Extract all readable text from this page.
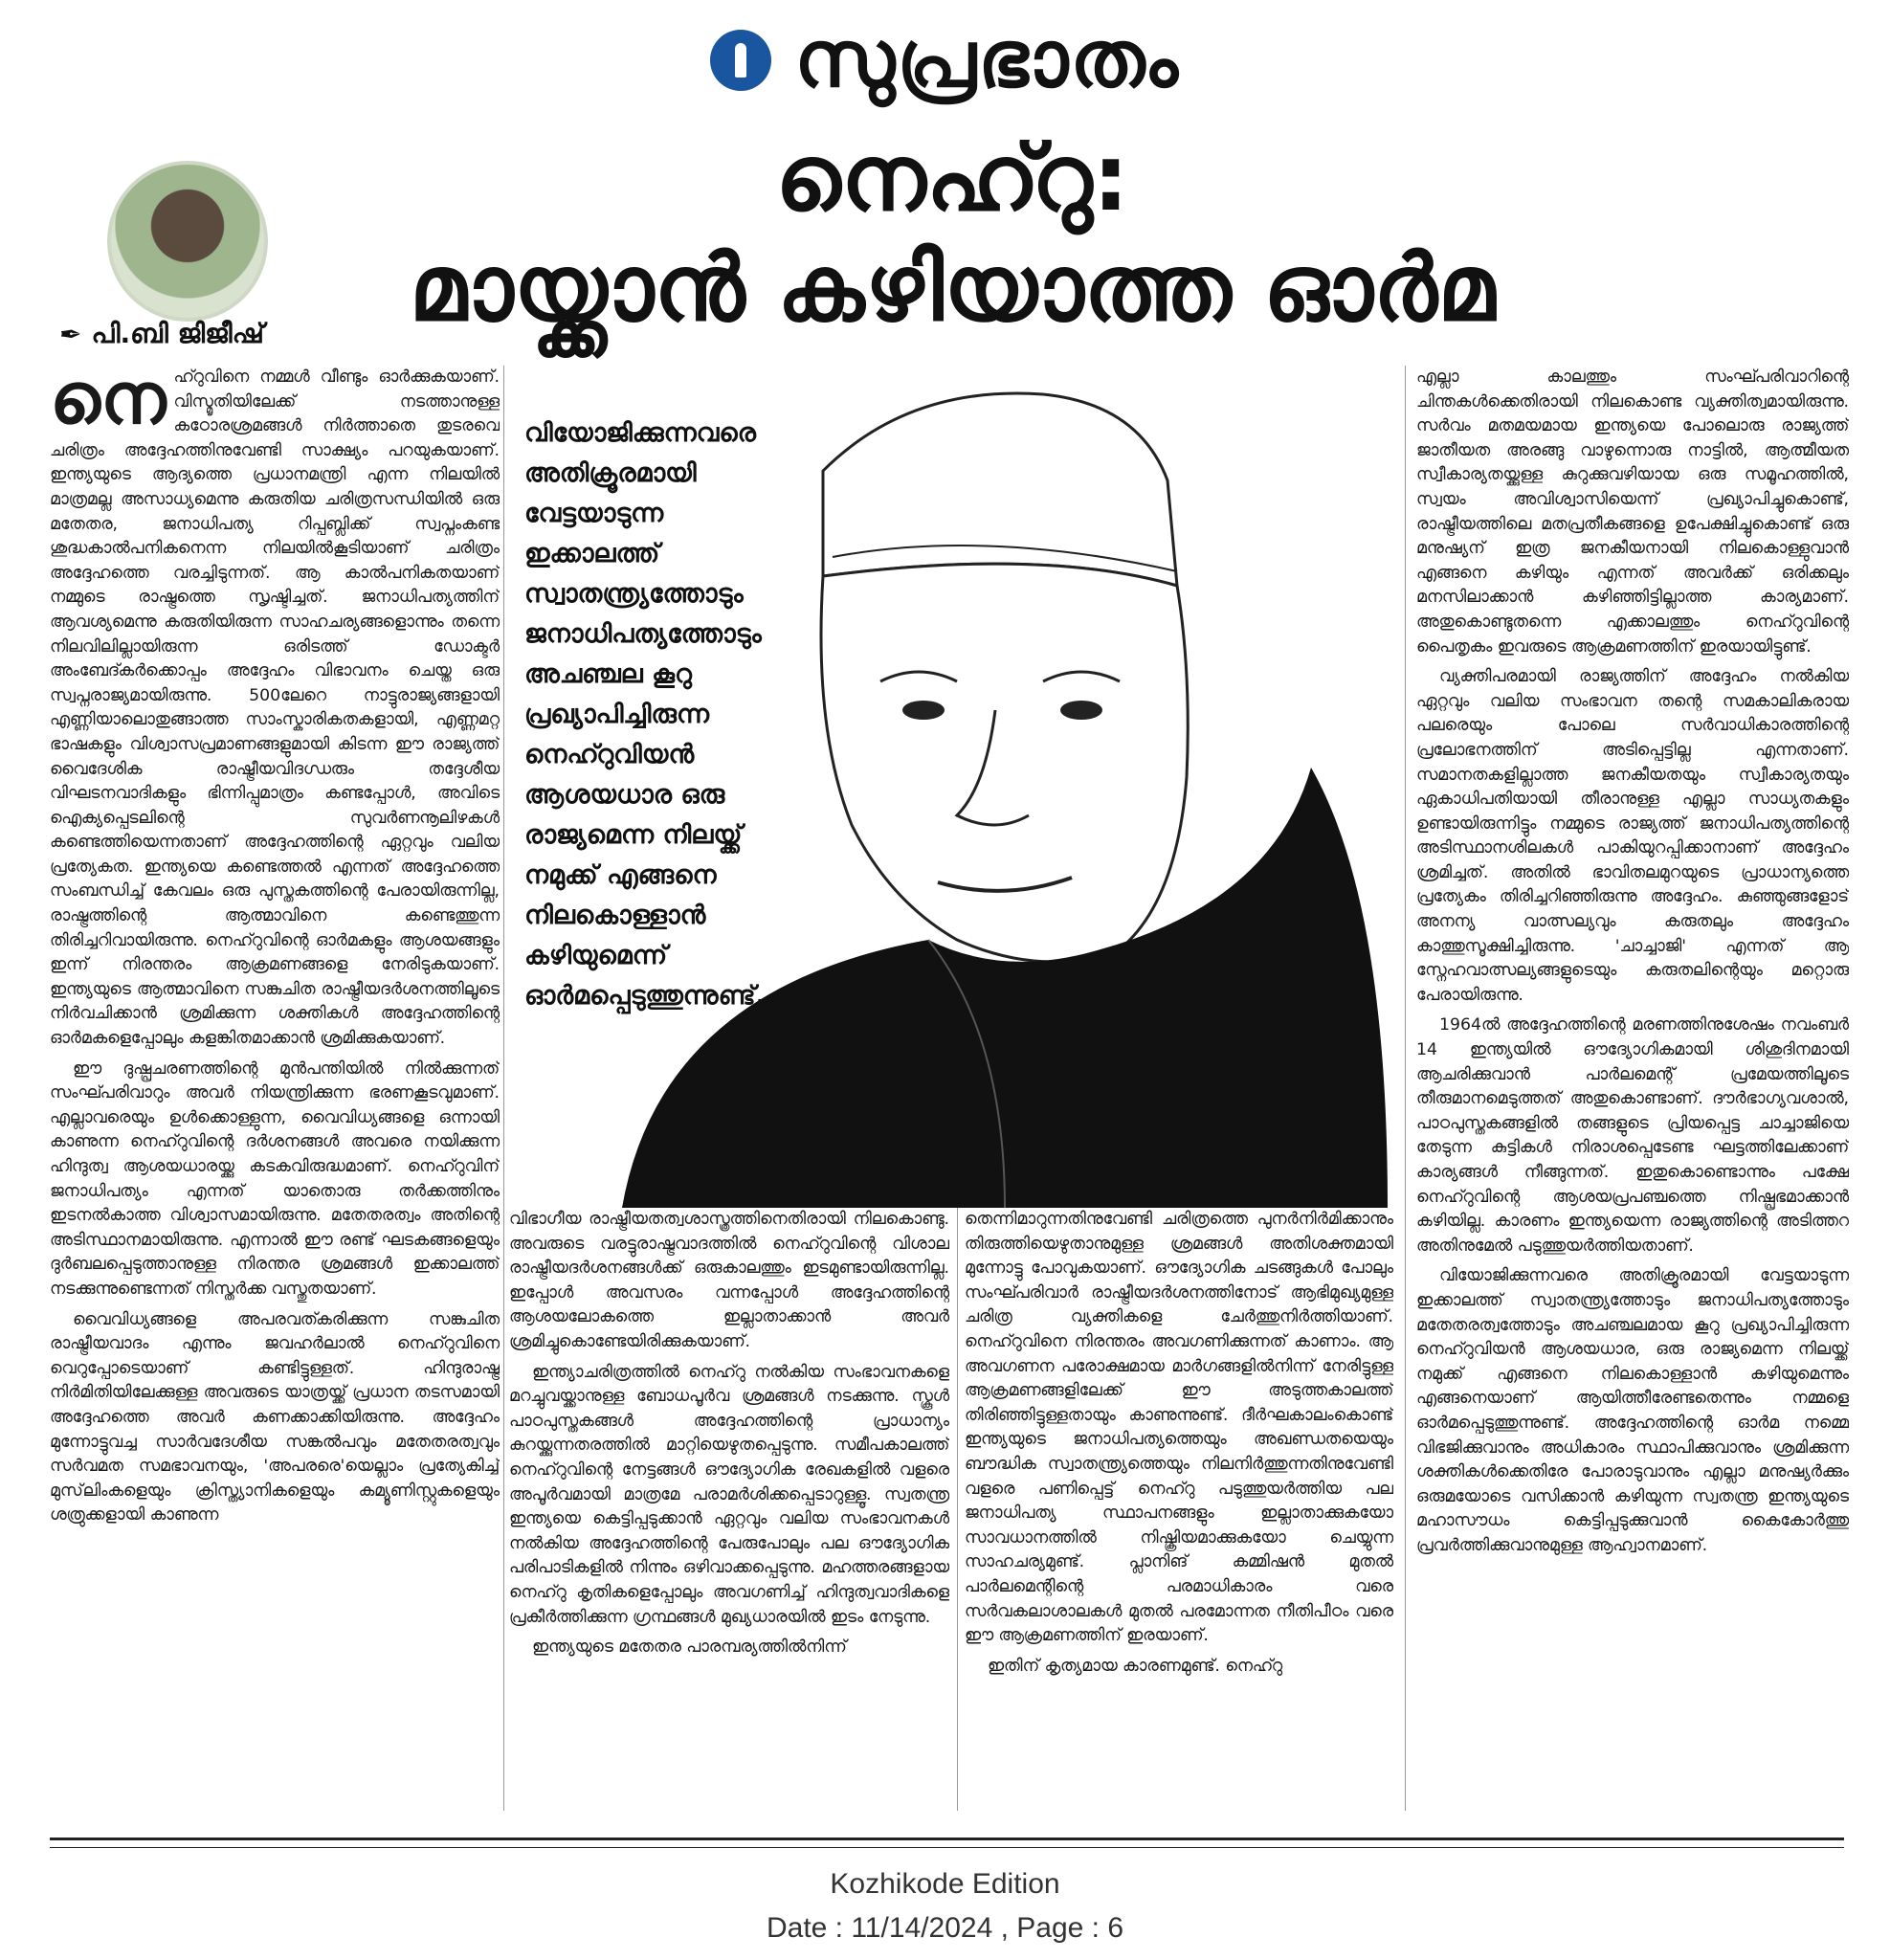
സുപ്രഭാതം
നെഹ്റു:
മായ്ക്കാൻ കഴിയാത്ത ഓർമ
✒ പി.ബി ജിജീഷ്
വിയോജിക്കുന്നവരെ അതിക്രൂരമായി വേട്ടയാടുന്ന ഇക്കാലത്ത് സ്വാതന്ത്ര്യത്തോടും ജനാധിപത്യത്തോടും അചഞ്ചല കൂറു പ്രഖ്യാപിച്ചിരുന്ന നെഹ്റുവിയൻ ആശയധാര ഒരു രാജ്യമെന്ന നിലയ്ക്ക് നമുക്ക് എങ്ങനെ നിലകൊള്ളാൻ കഴിയുമെന്ന് ഓർമപ്പെടുത്തുന്നുണ്ട്.
ശ്രീജാം

നെഹ്റുവിനെ നമ്മൾ വീണ്ടും ഓർക്കുകയാണ്. വിസ്മൃതിയിലേക്ക് നടത്താനുള്ള കഠോരശ്രമങ്ങൾ നിർത്താതെ തുടരവെ ചരിത്രം അദ്ദേഹത്തിനുവേണ്ടി സാക്ഷ്യം പറയുകയാണ്. ഇന്ത്യയുടെ ആദ്യത്തെ പ്രധാനമന്ത്രി എന്ന നിലയിൽ മാത്രമല്ല അസാധ്യമെന്നു കരുതിയ ചരിത്രസന്ധിയിൽ ഒരു മതേതര, ജനാധിപത്യ റിപ്പബ്ലിക്ക് സ്വപ്നംകണ്ട ശുദ്ധകാൽപനികനെന്ന നിലയിൽകൂടിയാണ് ചരിത്രം അദ്ദേഹത്തെ വരച്ചിടുന്നത്. ആ കാൽപനികതയാണ് നമ്മുടെ രാഷ്ട്രത്തെ സൃഷ്ടിച്ചത്. ജനാധിപത്യത്തിന് ആവശ്യമെന്നു കരുതിയിരുന്ന സാഹചര്യങ്ങളൊന്നും തന്നെ നിലവിലില്ലായിരുന്ന ഒരിടത്ത് ഡോക്ടർ അംബേദ്കർക്കൊപ്പം അദ്ദേഹം വിഭാവനം ചെയ്ത ഒരു സ്വപ്നരാജ്യമായിരുന്നു. 500ലേറെ നാട്ടുരാജ്യങ്ങളായി എണ്ണിയാലൊതുങ്ങാത്ത സാംസ്കാരികതകളായി, എണ്ണമറ്റ ഭാഷകളും വിശ്വാസപ്രമാണങ്ങളുമായി കിടന്ന ഈ രാജ്യത്ത് വൈദേശിക രാഷ്ട്രീയവിദഗ്ധരും തദ്ദേശീയ വിഘടനവാദികളും ഭിന്നിപ്പുമാത്രം കണ്ടപ്പോൾ, അവിടെ ഐക്യപ്പെടലിന്റെ സുവർണനൂലിഴകൾ കണ്ടെത്തിയെന്നതാണ് അദ്ദേഹത്തിന്റെ ഏറ്റവും വലിയ പ്രത്യേകത. ഇന്ത്യയെ കണ്ടെത്തൽ എന്നത് അദ്ദേഹത്തെ സംബന്ധിച്ച് കേവലം ഒരു പുസ്തകത്തിന്റെ പേരായിരുന്നില്ല, രാഷ്ട്രത്തിന്റെ ആത്മാവിനെ കണ്ടെത്തുന്ന തിരിച്ചറിവായിരുന്നു. നെഹ്റുവിന്റെ ഓർമകളും ആശയങ്ങളും ഇന്ന് നിരന്തരം ആക്രമണങ്ങളെ നേരിടുകയാണ്. ഇന്ത്യയുടെ ആത്മാവിനെ സങ്കുചിത രാഷ്ട്രീയദർശനത്തിലൂടെ നിർവചിക്കാൻ ശ്രമിക്കുന്ന ശക്തികൾ അദ്ദേഹത്തിന്റെ ഓർമകളെപ്പോലും കളങ്കിതമാക്കാൻ ശ്രമിക്കുകയാണ്.

ഈ ദുഷ്പ്രചരണത്തിന്റെ മുൻപന്തിയിൽ നിൽക്കുന്നത് സംഘ്പരിവാറും അവർ നിയന്ത്രിക്കുന്ന ഭരണകൂടവുമാണ്. എല്ലാവരെയും ഉൾക്കൊള്ളുന്ന, വൈവിധ്യങ്ങളെ ഒന്നായി കാണുന്ന നെഹ്റുവിന്റെ ദർശനങ്ങൾ അവരെ നയിക്കുന്ന ഹിന്ദുത്വ ആശയധാരയ്ക്കു കടകവിരുദ്ധമാണ്. നെഹ്റുവിന് ജനാധിപത്യം എന്നത് യാതൊരു തർക്കത്തിനും ഇടനൽകാത്ത വിശ്വാസമായിരുന്നു. മതേതരത്വം അതിന്റെ അടിസ്ഥാനമായിരുന്നു. എന്നാൽ ഈ രണ്ട് ഘടകങ്ങളെയും ദുർബലപ്പെടുത്താനുള്ള നിരന്തര ശ്രമങ്ങൾ ഇക്കാലത്ത് നടക്കുന്നുണ്ടെന്നത് നിസ്തർക്ക വസ്തുതയാണ്.

വൈവിധ്യങ്ങളെ അപരവത്കരിക്കുന്ന സങ്കുചിത രാഷ്ട്രീയവാദം എന്നും ജവഹർലാൽ നെഹ്റുവിനെ വെറുപ്പോടെയാണ് കണ്ടിട്ടുള്ളത്. ഹിന്ദുരാഷ്ട്ര നിർമിതിയിലേക്കുള്ള അവരുടെ യാത്രയ്ക്ക് പ്രധാന തടസമായി അദ്ദേഹത്തെ അവർ കണക്കാക്കിയിരുന്നു. അദ്ദേഹം മുന്നോട്ടുവച്ച സാർവദേശീയ സങ്കൽപവും മതേതരത്വവും സർവമത സമഭാവനയും, 'അപരരെ'യെല്ലാം പ്രത്യേകിച്ച് മുസ്‌ലിംകളെയും ക്രിസ്ത്യാനികളെയും കമ്യൂണിസ്റ്റുകളെയും ശത്രുക്കളായി കാണുന്ന

വിഭാഗീയ രാഷ്ട്രീയതത്വശാസ്ത്രത്തിനെതിരായി നിലകൊണ്ടു. അവരുടെ വരട്ടുരാഷ്ട്രവാദത്തിൽ നെഹ്റുവിന്റെ വിശാല രാഷ്ട്രീയദർശനങ്ങൾക്ക് ഒരുകാലത്തും ഇടമുണ്ടായിരുന്നില്ല. ഇപ്പോൾ അവസരം വന്നപ്പോൾ അദ്ദേഹത്തിന്റെ ആശയലോകത്തെ ഇല്ലാതാക്കാൻ അവർ ശ്രമിച്ചുകൊണ്ടേയിരിക്കുകയാണ്.

ഇന്ത്യാചരിത്രത്തിൽ നെഹ്റു നൽകിയ സംഭാവനകളെ മറച്ചുവയ്ക്കാനുള്ള ബോധപൂർവ ശ്രമങ്ങൾ നടക്കുന്നു. സ്കൂൾ പാഠപുസ്തകങ്ങൾ അദ്ദേഹത്തിന്റെ പ്രാധാന്യം കുറയ്ക്കുന്നതരത്തിൽ മാറ്റിയെഴുതപ്പെടുന്നു. സമീപകാലത്ത് നെഹ്റുവിന്റെ നേട്ടങ്ങൾ ഔദ്യോഗിക രേഖകളിൽ വളരെ അപൂർവമായി മാത്രമേ പരാമർശിക്കപ്പെടാറുള്ളൂ. സ്വതന്ത്ര ഇന്ത്യയെ കെട്ടിപ്പടുക്കാൻ ഏറ്റവും വലിയ സംഭാവനകൾ നൽകിയ അദ്ദേഹത്തിന്റെ പേരുപോലും പല ഔദ്യോഗിക പരിപാടികളിൽ നിന്നും ഒഴിവാക്കപ്പെടുന്നു. മഹത്തരങ്ങളായ നെഹ്റു കൃതികളെപ്പോലും അവഗണിച്ച് ഹിന്ദുത്വവാദികളെ പ്രകീർത്തിക്കുന്ന ഗ്രന്ഥങ്ങൾ മുഖ്യധാരയിൽ ഇടം നേടുന്നു.

ഇന്ത്യയുടെ മതേതര പാരമ്പര്യത്തിൽനിന്ന്

തെന്നിമാറുന്നതിനുവേണ്ടി ചരിത്രത്തെ പുനർനിർമിക്കാനും തിരുത്തിയെഴുതാനുമുള്ള ശ്രമങ്ങൾ അതിശക്തമായി മുന്നോട്ടു പോവുകയാണ്. ഔദ്യോഗിക ചടങ്ങുകൾ പോലും സംഘ്പരിവാർ രാഷ്ട്രീയദർശനത്തിനോട് ആഭിമുഖ്യമുള്ള ചരിത്ര വ്യക്തികളെ ചേർത്തുനിർത്തിയാണ്. നെഹ്റുവിനെ നിരന്തരം അവഗണിക്കുന്നത് കാണാം. ആ അവഗണന പരോക്ഷമായ മാർഗങ്ങളിൽനിന്ന് നേരിട്ടുള്ള ആക്രമണങ്ങളിലേക്ക് ഈ അടുത്തകാലത്ത് തിരിഞ്ഞിട്ടുള്ളതായും കാണുന്നുണ്ട്. ദീർഘകാലംകൊണ്ട് ഇന്ത്യയുടെ ജനാധിപത്യത്തെയും അഖണ്ഡതയെയും ബൗദ്ധിക സ്വാതന്ത്ര്യത്തെയും നിലനിർത്തുന്നതിനുവേണ്ടി വളരെ പണിപ്പെട്ട് നെഹ്റു പടുത്തുയർത്തിയ പല ജനാധിപത്യ സ്ഥാപനങ്ങളും ഇല്ലാതാക്കുകയോ സാവധാനത്തിൽ നിഷ്ക്രിയമാക്കുകയോ ചെയ്യുന്ന സാഹചര്യമുണ്ട്. പ്ലാനിങ് കമ്മിഷൻ മുതൽ പാർലമെന്റിന്റെ പരമാധികാരം വരെ സർവകലാശാലകൾ മുതൽ പരമോന്നത നീതിപീഠം വരെ ഈ ആക്രമണത്തിന് ഇരയാണ്.

ഇതിന് കൃത്യമായ കാരണമുണ്ട്. നെഹ്റു

എല്ലാ കാലത്തും സംഘ്പരിവാറിന്റെ ചിന്തകൾക്കെതിരായി നിലകൊണ്ട വ്യക്തിത്വമായിരുന്നു. സർവം മതമയമായ ഇന്ത്യയെ പോലൊരു രാജ്യത്ത് ജാതീയത അരങ്ങു വാഴുന്നൊരു നാട്ടിൽ, ആത്മീയത സ്വീകാര്യതയ്ക്കുള്ള കുറുക്കുവഴിയായ ഒരു സമൂഹത്തിൽ, സ്വയം അവിശ്വാസിയെന്ന് പ്രഖ്യാപിച്ചുകൊണ്ട്, രാഷ്ട്രീയത്തിലെ മതപ്രതീകങ്ങളെ ഉപേക്ഷിച്ചുകൊണ്ട് ഒരു മനുഷ്യന് ഇത്ര ജനകീയനായി നിലകൊള്ളുവാൻ എങ്ങനെ കഴിയും എന്നത് അവർക്ക് ഒരിക്കലും മനസിലാക്കാൻ കഴിഞ്ഞിട്ടില്ലാത്ത കാര്യമാണ്. അതുകൊണ്ടുതന്നെ എക്കാലത്തും നെഹ്റുവിന്റെ പൈതൃകം ഇവരുടെ ആക്രമണത്തിന് ഇരയായിട്ടുണ്ട്.

വ്യക്തിപരമായി രാജ്യത്തിന് അദ്ദേഹം നൽകിയ ഏറ്റവും വലിയ സംഭാവന തന്റെ സമകാലികരായ പലരെയും പോലെ സർവാധികാരത്തിന്റെ പ്രലോഭനത്തിന് അടിപ്പെട്ടില്ല എന്നതാണ്. സമാനതകളില്ലാത്ത ജനകീയതയും സ്വീകാര്യതയും ഏകാധിപതിയായി തീരാനുള്ള എല്ലാ സാധ്യതകളും ഉണ്ടായിരുന്നിട്ടും നമ്മുടെ രാജ്യത്ത് ജനാധിപത്യത്തിന്റെ അടിസ്ഥാനശിലകൾ പാകിയുറപ്പിക്കാനാണ് അദ്ദേഹം ശ്രമിച്ചത്. അതിൽ ഭാവിതലമുറയുടെ പ്രാധാന്യത്തെ പ്രത്യേകം തിരിച്ചറിഞ്ഞിരുന്നു അദ്ദേഹം. കുഞ്ഞുങ്ങളോട് അനന്യ വാത്സല്യവും കരുതലും അദ്ദേഹം കാത്തുസൂക്ഷിച്ചിരുന്നു. 'ചാച്ചാജി' എന്നത് ആ സ്നേഹവാത്സല്യങ്ങളുടെയും കരുതലിന്റെയും മറ്റൊരു പേരായിരുന്നു.

1964ൽ അദ്ദേഹത്തിന്റെ മരണത്തിനുശേഷം നവംബർ 14 ഇന്ത്യയിൽ ഔദ്യോഗികമായി ശിശുദിനമായി ആചരിക്കുവാൻ പാർലമെന്റ് പ്രമേയത്തിലൂടെ തീരുമാനമെടുത്തത് അതുകൊണ്ടാണ്. ദൗർഭാഗ്യവശാൽ, പാഠപുസ്തകങ്ങളിൽ തങ്ങളുടെ പ്രിയപ്പെട്ട ചാച്ചാജിയെ തേടുന്ന കുട്ടികൾ നിരാശപ്പെടേണ്ട ഘട്ടത്തിലേക്കാണ് കാര്യങ്ങൾ നീങ്ങുന്നത്. ഇതുകൊണ്ടൊന്നും പക്ഷേ നെഹ്റുവിന്റെ ആശയപ്രപഞ്ചത്തെ നിഷ്പ്രഭമാക്കാൻ കഴിയില്ല. കാരണം ഇന്ത്യയെന്ന രാജ്യത്തിന്റെ അടിത്തറ അതിനുമേൽ പടുത്തുയർത്തിയതാണ്.

വിയോജിക്കുന്നവരെ അതിക്രൂരമായി വേട്ടയാടുന്ന ഇക്കാലത്ത് സ്വാതന്ത്ര്യത്തോടും ജനാധിപത്യത്തോടും മതേതരത്വത്തോടും അചഞ്ചലമായ കൂറു പ്രഖ്യാപിച്ചിരുന്ന നെഹ്റുവിയൻ ആശയധാര, ഒരു രാജ്യമെന്ന നിലയ്ക്ക് നമുക്ക് എങ്ങനെ നിലകൊള്ളാൻ കഴിയുമെന്നും എങ്ങനെയാണ് ആയിത്തീരേണ്ടതെന്നും നമ്മളെ ഓർമപ്പെടുത്തുന്നുണ്ട്. അദ്ദേഹത്തിന്റെ ഓർമ നമ്മെ വിഭജിക്കുവാനും അധികാരം സ്ഥാപിക്കുവാനും ശ്രമിക്കുന്ന ശക്തികൾക്കെതിരേ പോരാടുവാനും എല്ലാ മനുഷ്യർക്കും ഒരുമയോടെ വസിക്കാൻ കഴിയുന്ന സ്വതന്ത്ര ഇന്ത്യയുടെ മഹാസൗധം കെട്ടിപ്പടുക്കുവാൻ കൈകോർത്തു പ്രവർത്തിക്കുവാനുമുള്ള ആഹ്വാനമാണ്.

Kozhikode Edition
Date : 11/14/2024 , Page : 6
